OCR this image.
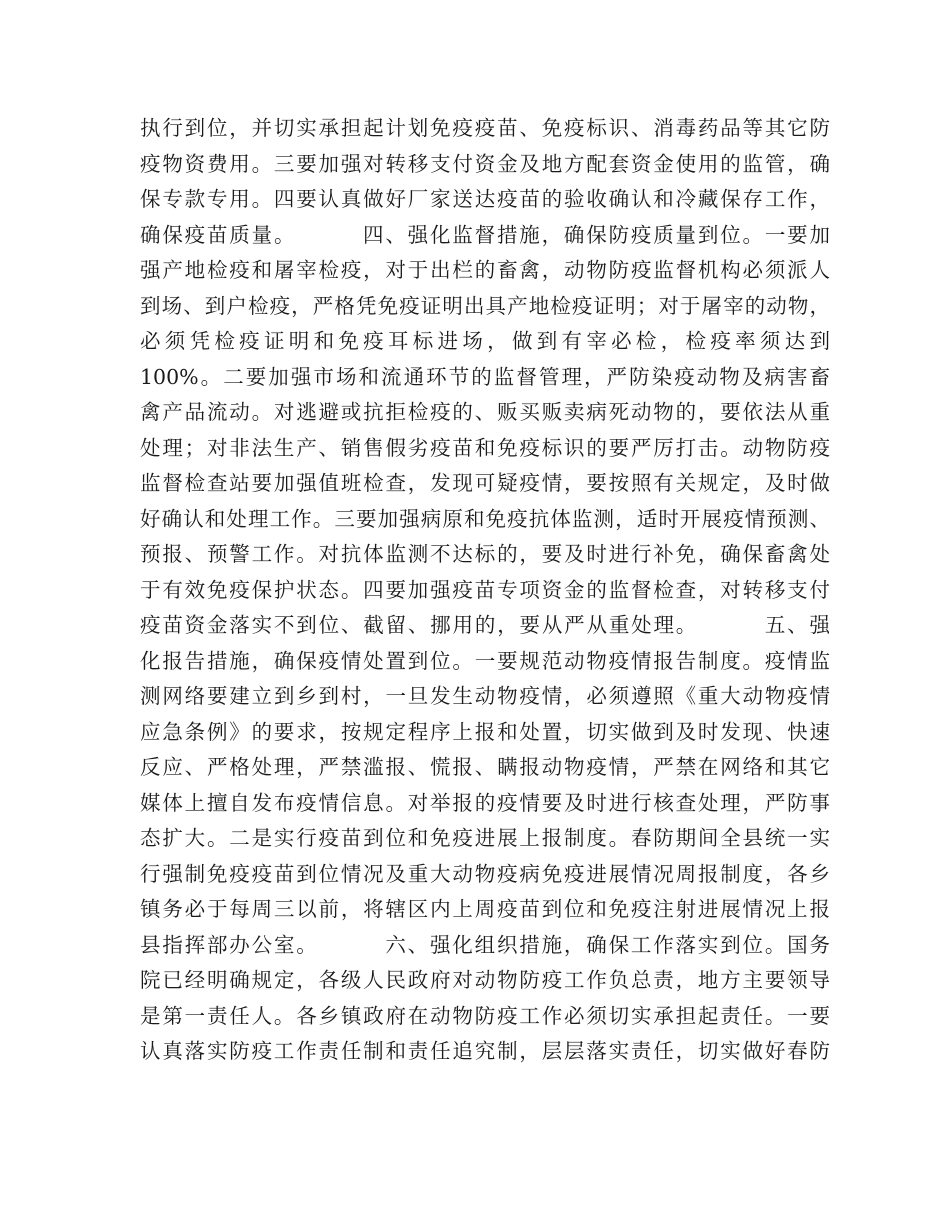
执行到位，并切实承担起计划免疫疫苗、免疫标识、消毒药品等其它防
疫物资费用。三要加强对转移支付资金及地方配套资金使用的监管，确
保专款专用。四要认真做好厂家送达疫苗的验收确认和冷藏保存工作，
确保疫苗质量。        四、强化监督措施，确保防疫质量到位。一要加
强产地检疫和屠宰检疫，对于出栏的畜禽，动物防疫监督机构必须派人
到场、到户检疫，严格凭免疫证明出具产地检疫证明；对于屠宰的动物，
必须凭检疫证明和免疫耳标进场，做到有宰必检，检疫率须达到
100%。二要加强市场和流通环节的监督管理，严防染疫动物及病害畜
禽产品流动。对逃避或抗拒检疫的、贩买贩卖病死动物的，要依法从重
处理；对非法生产、销售假劣疫苗和免疫标识的要严厉打击。动物防疫
监督检查站要加强值班检查，发现可疑疫情，要按照有关规定，及时做
好确认和处理工作。三要加强病原和免疫抗体监测，适时开展疫情预测、
预报、预警工作。对抗体监测不达标的，要及时进行补免，确保畜禽处
于有效免疫保护状态。四要加强疫苗专项资金的监督检查，对转移支付
疫苗资金落实不到位、截留、挪用的，要从严从重处理。        五、强
化报告措施，确保疫情处置到位。一要规范动物疫情报告制度。疫情监
测网络要建立到乡到村，一旦发生动物疫情，必须遵照《重大动物疫情
应急条例》的要求，按规定程序上报和处置，切实做到及时发现、快速
反应、严格处理，严禁滥报、慌报、瞒报动物疫情，严禁在网络和其它
媒体上擅自发布疫情信息。对举报的疫情要及时进行核查处理，严防事
态扩大。二是实行疫苗到位和免疫进展上报制度。春防期间全县统一实
行强制免疫疫苗到位情况及重大动物疫病免疫进展情况周报制度，各乡
镇务必于每周三以前，将辖区内上周疫苗到位和免疫注射进展情况上报
县指挥部办公室。        六、强化组织措施，确保工作落实到位。国务
院已经明确规定，各级人民政府对动物防疫工作负总责，地方主要领导
是第一责任人。各乡镇政府在动物防疫工作必须切实承担起责任。一要
认真落实防疫工作责任制和责任追究制，层层落实责任，切实做好春防
